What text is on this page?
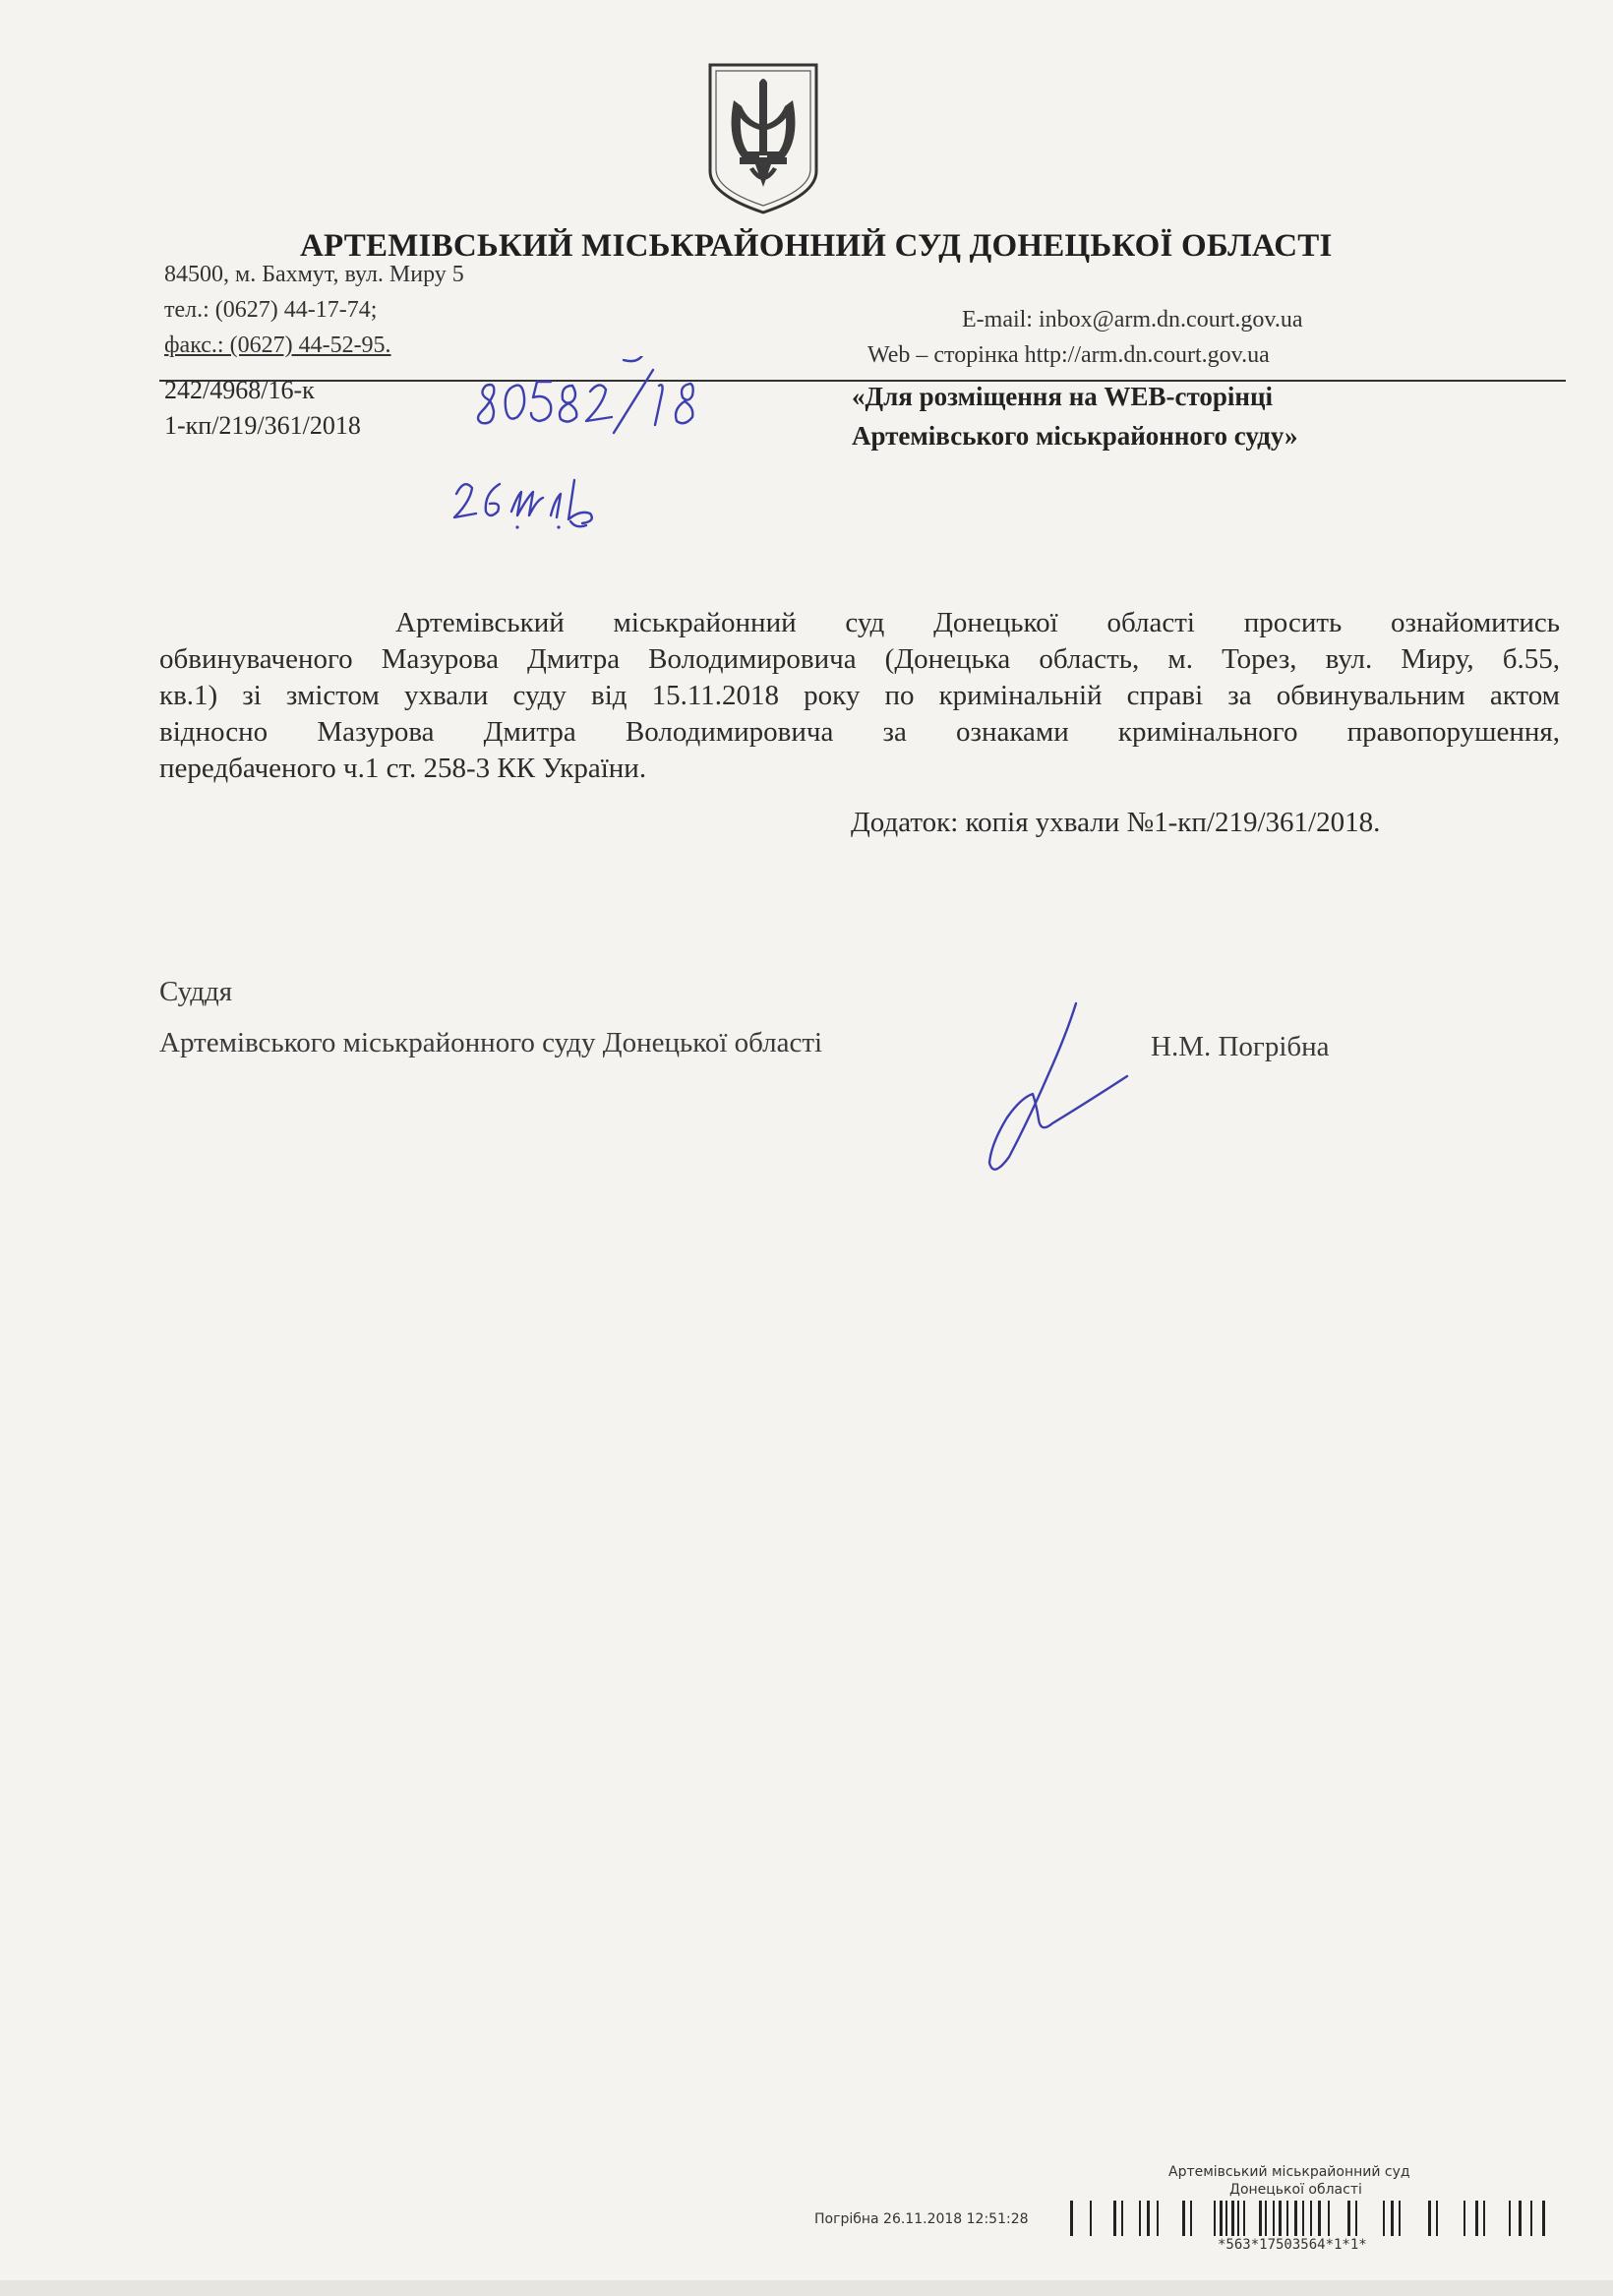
АРТЕМІВСЬКИЙ МІСЬКРАЙОННИЙ СУД ДОНЕЦЬКОЇ ОБЛАСТІ
84500, м. Бахмут, вул. Миру 5
тел.: (0627) 44-17-74;
факс.: (0627) 44-52-95.
E-mail: inbox@arm.dn.court.gov.ua
Web – сторінка http://arm.dn.court.gov.ua
242/4968/16-к
1-кп/219/361/2018
«Для розміщення на WEB-сторінці
Артемівського міськрайонного суду»
Артемівський міськрайонний суд Донецької області просить ознайомитись
обвинуваченого Мазурова Дмитра Володимировича (Донецька область, м. Торез, вул. Миру, б.55,
кв.1) зі змістом ухвали суду від 15.11.2018 року по кримінальній справі за обвинувальним актом
відносно Мазурова Дмитра Володимировича за ознаками кримінального правопорушення,
передбаченого ч.1 ст. 258-3 КК України.
Додаток: копія ухвали №1-кп/219/361/2018.
Суддя
Артемівського міськрайонного суду Донецької області	Н.М. Погрібна
Артемівський міськрайонний суд
Донецької області
Погрібна 26.11.2018 12:51:28
*563*17503564*1*1*
